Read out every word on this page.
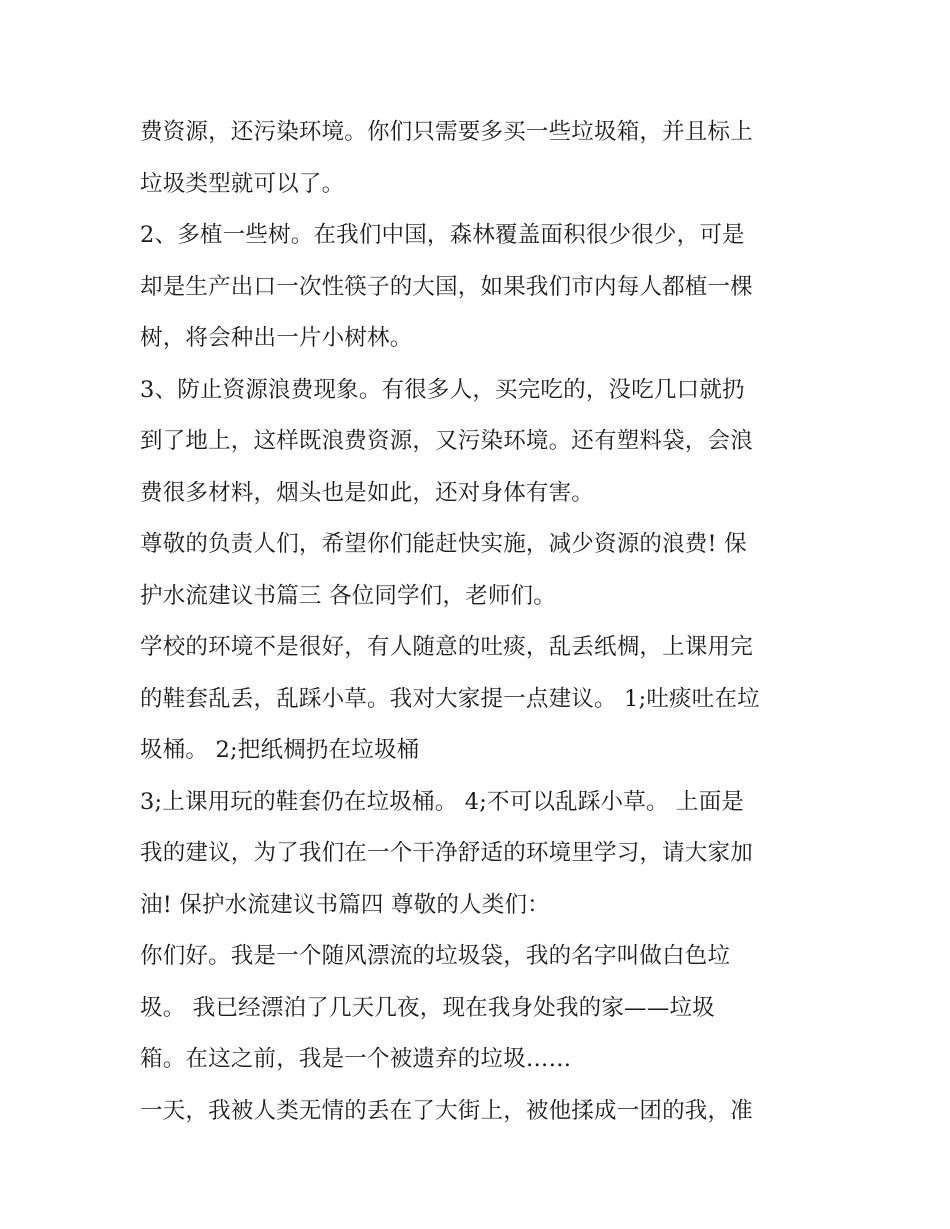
费资源，还污染环境。你们只需要多买一些垃圾箱，并且标上
垃圾类型就可以了。
2、多植一些树。在我们中国，森林覆盖面积很少很少，可是
却是生产出口一次性筷子的大国，如果我们市内每人都植一棵
树，将会种出一片小树林。
3、防止资源浪费现象。有很多人，买完吃的，没吃几口就扔
到了地上，这样既浪费资源，又污染环境。还有塑料袋，会浪
费很多材料，烟头也是如此，还对身体有害。
尊敬的负责人们，希望你们能赶快实施，减少资源的浪费! 保
护水流建议书篇三 各位同学们，老师们。
学校的环境不是很好，有人随意的吐痰，乱丢纸椆，上课用完
的鞋套乱丢，乱踩小草。我对大家提一点建议。 1;吐痰吐在垃
圾桶。 2;把纸椆扔在垃圾桶
3;上课用玩的鞋套仍在垃圾桶。 4;不可以乱踩小草。 上面是
我的建议，为了我们在一个干净舒适的环境里学习，请大家加
油! 保护水流建议书篇四 尊敬的人类们：
你们好。我是一个随风漂流的垃圾袋，我的名字叫做白色垃
圾。 我已经漂泊了几天几夜，现在我身处我的家——垃圾
箱。在这之前，我是一个被遗弃的垃圾……
一天，我被人类无情的丢在了大街上，被他揉成一团的我，准
